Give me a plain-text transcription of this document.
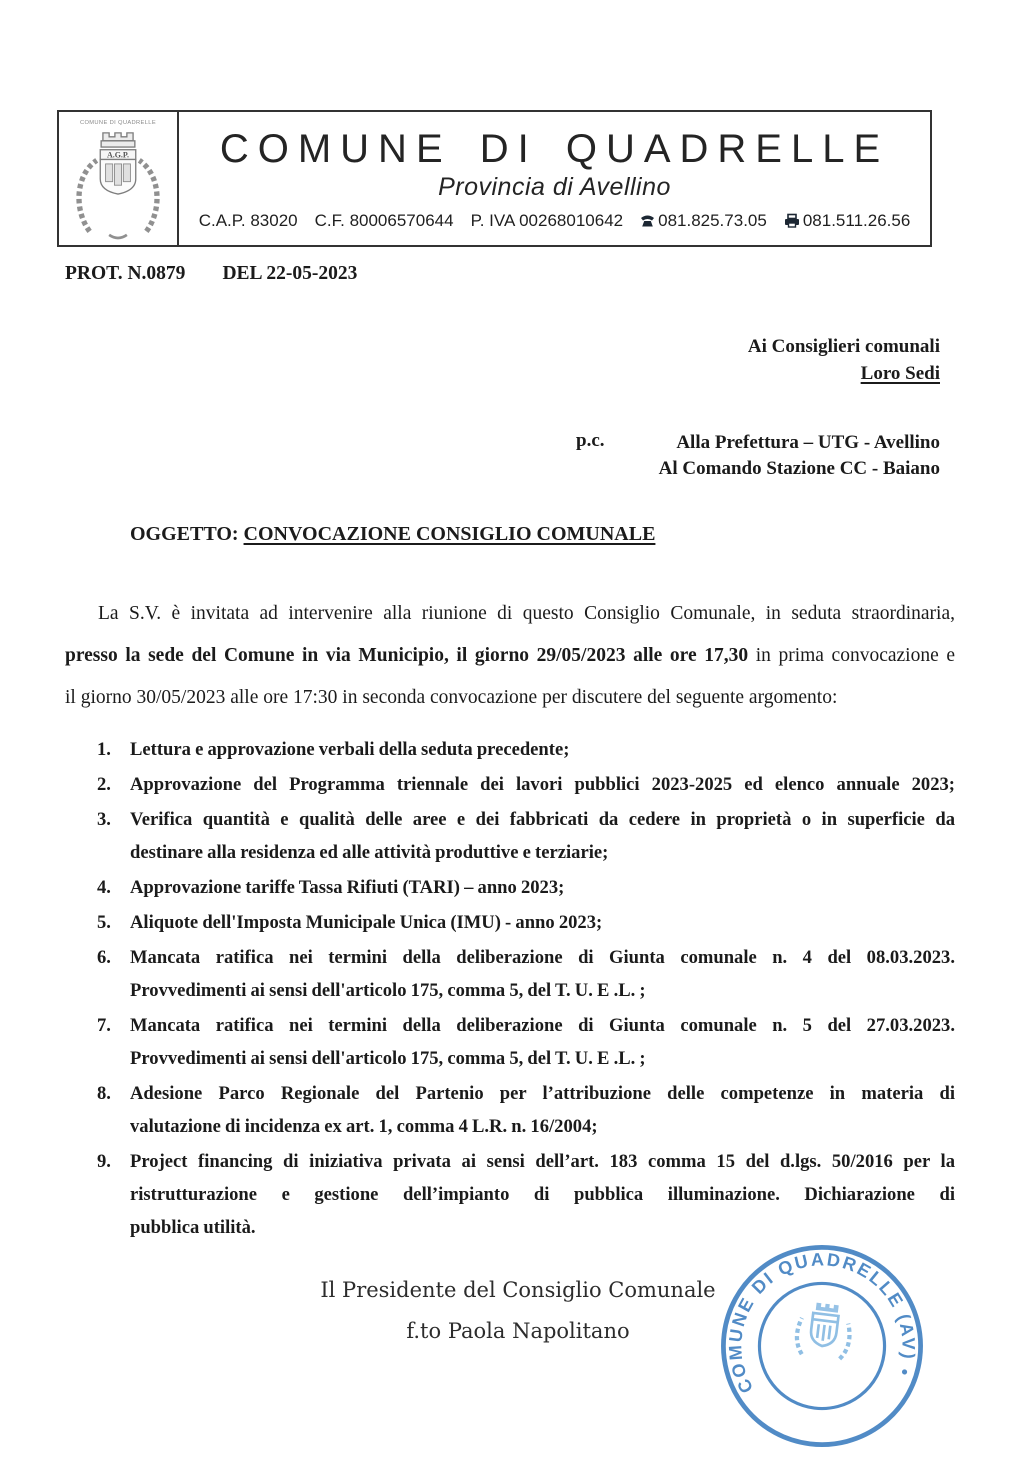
COMUNE DI QUADRELLE
A.G.P. COMUNE DI QUADRELLE
Provincia di Avellino
C.A.P. 83020 C.F. 80006570644 P. IVA 00268010642 081.825.73.05 081.511.26.56
PROT. N.0879 DEL 22-05-2023
Ai Consiglieri comunali
Loro Sedi
p.c.	Alla Prefettura – UTG - Avellino
Al Comando Stazione CC - Baiano
OGGETTO: CONVOCAZIONE CONSIGLIO COMUNALE
La S.V. è invitata ad intervenire alla riunione di questo Consiglio Comunale, in seduta straordinaria,
presso la sede del Comune in via Municipio, il giorno 29/05/2023 alle ore 17,30 in prima convocazione e
il giorno 30/05/2023 alle ore 17:30 in seconda convocazione per discutere del seguente argomento:
1.	Lettura e approvazione verbali della seduta precedente;
2.	Approvazione del Programma triennale dei lavori pubblici 2023-2025 ed elenco annuale 2023;
3.	Verifica quantità e qualità delle aree e dei fabbricati da cedere in proprietà o in superficie da
destinare alla residenza ed alle attività produttive e terziarie;
4.	Approvazione tariffe Tassa Rifiuti (TARI) – anno 2023;
5.	Aliquote dell'Imposta Municipale Unica (IMU) - anno 2023;
6.	Mancata ratifica nei termini della deliberazione di Giunta comunale n. 4 del 08.03.2023.
Provvedimenti ai sensi dell'articolo 175, comma 5, del T. U. E .L. ;
7.	Mancata ratifica nei termini della deliberazione di Giunta comunale n. 5 del 27.03.2023.
Provvedimenti ai sensi dell'articolo 175, comma 5, del T. U. E .L. ;
8.	Adesione Parco Regionale del Partenio per l’attribuzione delle competenze in materia di
valutazione di incidenza ex art. 1, comma 4 L.R. n. 16/2004;
9.	Project financing di iniziativa privata ai sensi dell’art. 183 comma 15 del d.lgs. 50/2016 per la
ristrutturazione e gestione dell’impianto di pubblica illuminazione. Dichiarazione di
pubblica utilità.
Il Presidente del Consiglio Comunale
f.to Paola Napolitano
COMUNE DI QUADRELLE (AV) •
